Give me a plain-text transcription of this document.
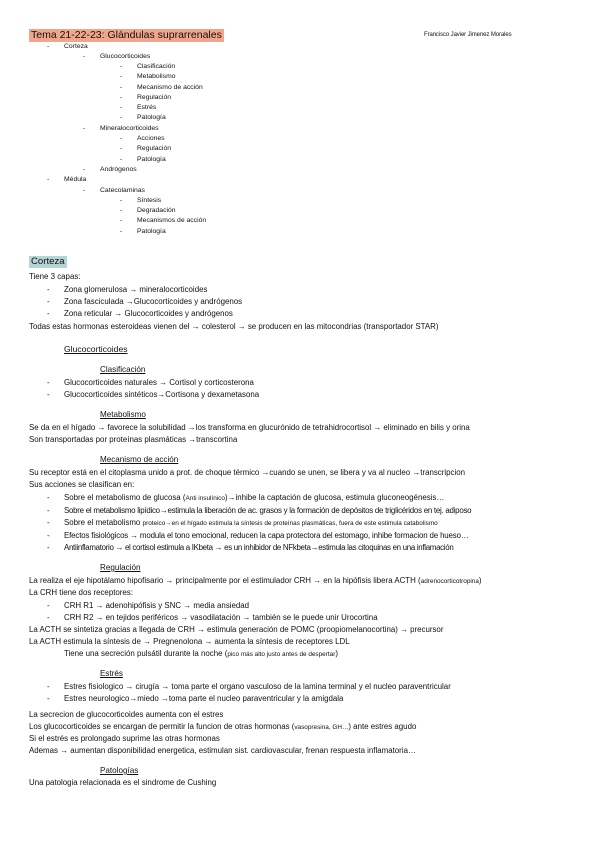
Tema 21-22-23: Glándulas suprarrenales	Francisco Javier Jimenez Morales
- Corteza
- Glucocorticoides
- Clasificación
- Metabolismo
- Mecanismo de acción
- Regulación
- Estrés
- Patología
- Mineralocorticoides
- Acciones
- Regulación
- Patología
- Andrógenos
- Médula
- Catecolaminas
- Síntesis
- Degradación
- Mecanismos de acción
- Patología
Corteza
Tiene 3 capas:
- Zona glomerulosa → mineralocorticoides
- Zona fasciculada →Glucocorticoides y andrógenos
- Zona reticular → Glucocorticoides y andrógenos
Todas estas hormonas esteroideas vienen del → colesterol → se producen en las mitocondrias (transportador STAR)
Glucocorticoides
Clasificación
- Glucocorticoides naturales → Cortisol y corticosterona
- Glucocorticoides sintéticos→Cortisona y dexametasona
Metabolismo
Se da en el hígado → favorece la solubilidad →los transforma en glucurónido de tetrahidrocortisol → eliminado en bilis y orina
Son transportadas por proteínas plasmáticas →transcortina
Mecanismo de acción
Su receptor está en el citoplasma unido a prot. de choque térmico →cuando se unen, se libera y va al nucleo →transcripcion
Sus acciones se clasifican en:
- Sobre el metabolismo de glucosa (Anti insulínico)→inhibe la captación de glucosa, estimula gluconeogénesis…
- Sobre el metabolismo lipídico→estimula la liberación de ac. grasos y la formación de depósitos de triglicéridos en tej. adiposo
- Sobre el metabolismo proteico→en el hígado estimula la síntesis de proteínas plasmáticas, fuera de este estimula catabolismo
- Efectos fisiológicos → modula el tono emocional, reducen la capa protectora del estomago, inhibe formacion de hueso…
- Antiinflamatorio → el cortisol estimula a IKbeta → es un inhibidor de NFkbeta→estimula las citoquinas en una inflamación
Regulación
La realiza el eje hipotálamo hipofisario → principalmente por el estimulador CRH → en la hipófisis libera ACTH (adrenocorticotropina)
La CRH tiene dos receptores:
- CRH R1 → adenohipófisis y SNC → media ansiedad
- CRH R2 → en tejidos periféricos → vasodilatación → también se le puede unir Urocortina
La ACTH se sintetiza gracias a llegada de CRH → estimula generación de POMC (proopiomelanocortina) → precursor
La ACTH estimula la síntesis de → Pregnenolona → aumenta la síntesis de receptores LDL
Tiene una secreción pulsátil durante la noche (pico más alto justo antes de despertar)
Estrés
- Estres fisiologico → cirugía → toma parte el organo vasculoso de la lamina terminal y el nucleo paraventricular
- Estres neurologico→miedo →toma parte el nucleo paraventricular y la amigdala
La secrecion de glucocorticoides aumenta con el estres
Los glucocorticoides se encargan de permitir la funcion de otras hormonas (vasopresina, GH…) ante estres agudo
Si el estrés es prolongado suprime las otras hormonas
Ademas → aumentan disponibilidad energetica, estimulan sist. cardiovascular, frenan respuesta inflamatoria…
Patologías
Una patologia relacionada es el sindrome de Cushing
